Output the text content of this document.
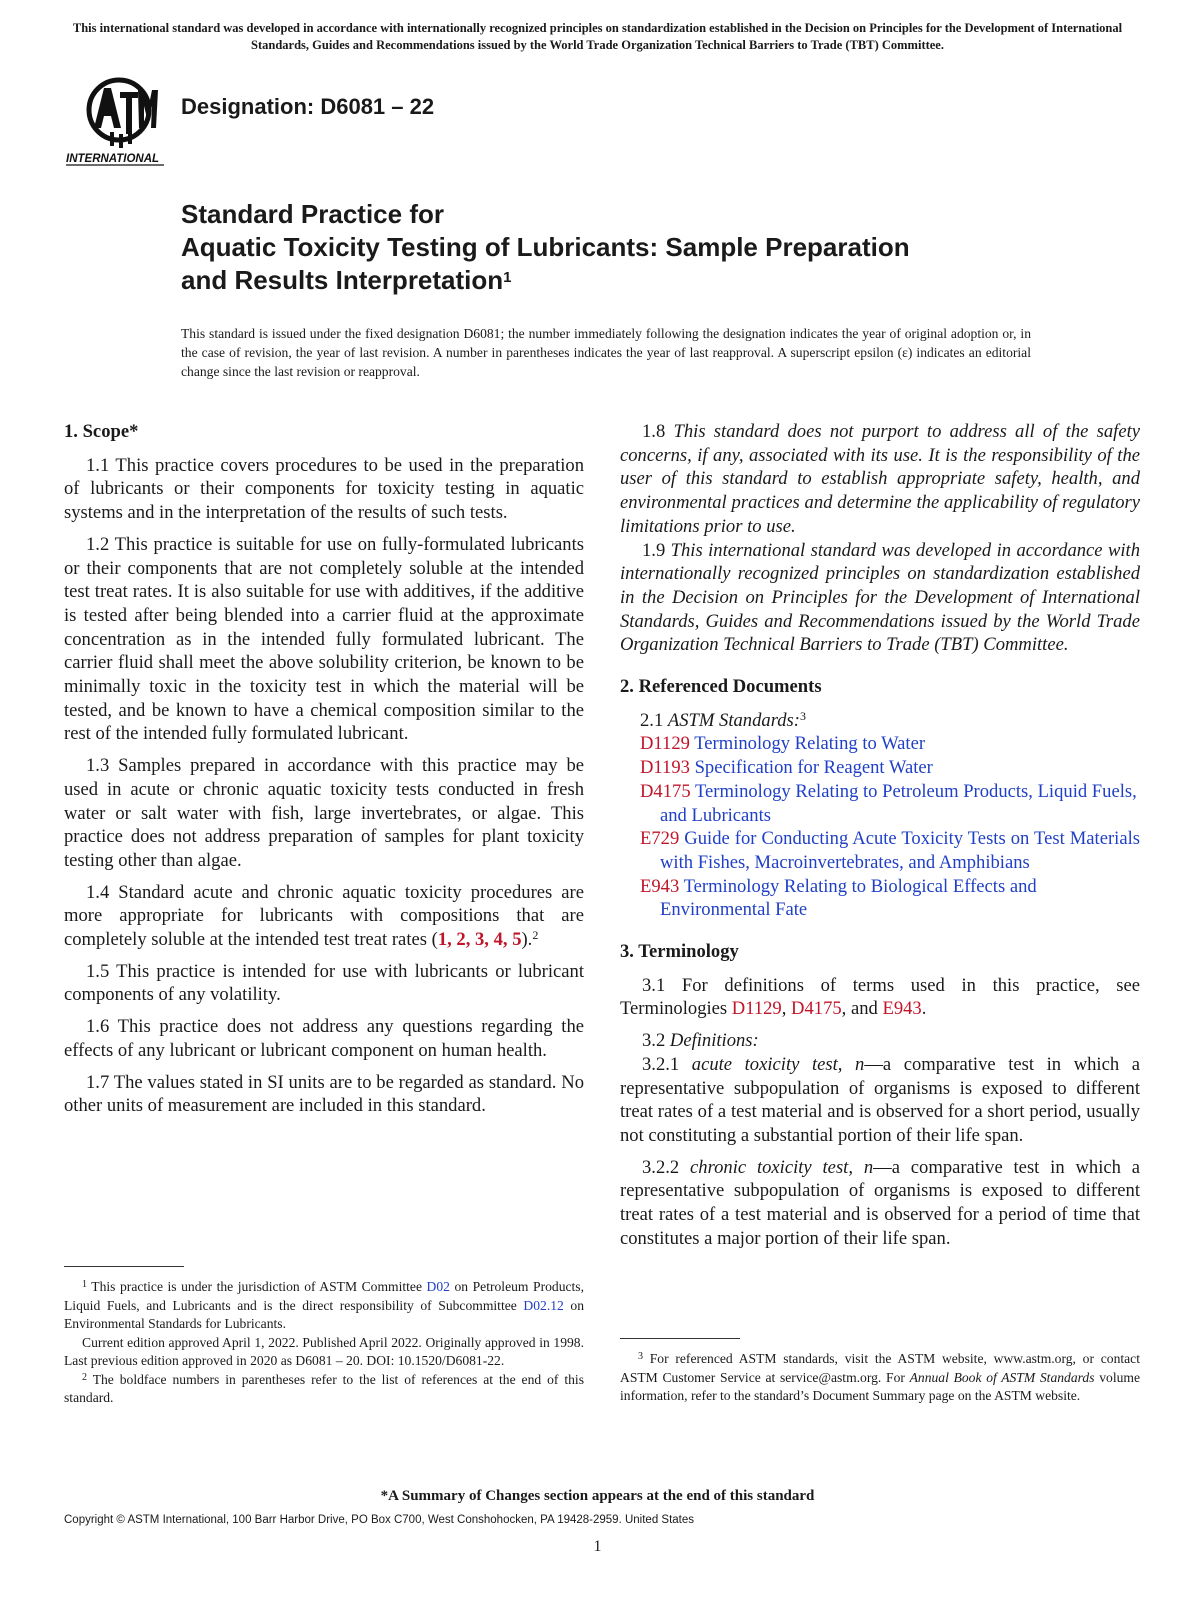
This international standard was developed in accordance with internationally recognized principles on standardization established in the Decision on Principles for the Development of International Standards, Guides and Recommendations issued by the World Trade Organization Technical Barriers to Trade (TBT) Committee.
INTERNATIONAL
Designation: D6081 – 22
Standard Practice for
Aquatic Toxicity Testing of Lubricants: Sample Preparation
and Results Interpretation$^1$
This standard is issued under the fixed designation D6081; the number immediately following the designation indicates the year of original adoption or, in the case of revision, the year of last revision. A number in parentheses indicates the year of last reapproval. A superscript epsilon (ε) indicates an editorial change since the last revision or reapproval.
1. Scope*

1.1 This practice covers procedures to be used in the preparation of lubricants or their components for toxicity testing in aquatic systems and in the interpretation of the results of such tests.

1.2 This practice is suitable for use on fully-formulated lubricants or their components that are not completely soluble at the intended test treat rates. It is also suitable for use with additives, if the additive is tested after being blended into a carrier fluid at the approximate concentration as in the intended fully formulated lubricant. The carrier fluid shall meet the above solubility criterion, be known to be minimally toxic in the toxicity test in which the material will be tested, and be known to have a chemical composition similar to the rest of the intended fully formulated lubricant.

1.3 Samples prepared in accordance with this practice may be used in acute or chronic aquatic toxicity tests conducted in fresh water or salt water with fish, large invertebrates, or algae. This practice does not address preparation of samples for plant toxicity testing other than algae.

1.4 Standard acute and chronic aquatic toxicity procedures are more appropriate for lubricants with compositions that are completely soluble at the intended test treat rates (1, 2, 3, 4, 5).$^2$

1.5 This practice is intended for use with lubricants or lubricant components of any volatility.

1.6 This practice does not address any questions regarding the effects of any lubricant or lubricant component on human health.

1.7 The values stated in SI units are to be regarded as standard. No other units of measurement are included in this standard.

1.8 This standard does not purport to address all of the safety concerns, if any, associated with its use. It is the responsibility of the user of this standard to establish appropriate safety, health, and environmental practices and determine the applicability of regulatory limitations prior to use.

1.9 This international standard was developed in accordance with internationally recognized principles on standardization established in the Decision on Principles for the Development of International Standards, Guides and Recommendations issued by the World Trade Organization Technical Barriers to Trade (TBT) Committee.

2. Referenced Documents

2.1 ASTM Standards:$^3$

D1129 Terminology Relating to Water

D1193 Specification for Reagent Water

D4175 Terminology Relating to Petroleum Products, Liquid Fuels, and Lubricants

E729 Guide for Conducting Acute Toxicity Tests on Test Materials with Fishes, Macroinvertebrates, and Amphibians

E943 Terminology Relating to Biological Effects and Environmental Fate

3. Terminology

3.1 For definitions of terms used in this practice, see Terminologies D1129, D4175, and E943.

3.2 Definitions:

3.2.1 acute toxicity test, n—a comparative test in which a representative subpopulation of organisms is exposed to different treat rates of a test material and is observed for a short period, usually not constituting a substantial portion of their life span.

3.2.2 chronic toxicity test, n—a comparative test in which a representative subpopulation of organisms is exposed to different treat rates of a test material and is observed for a period of time that constitutes a major portion of their life span.

$^1$ This practice is under the jurisdiction of ASTM Committee D02 on Petroleum Products, Liquid Fuels, and Lubricants and is the direct responsibility of Subcommittee D02.12 on Environmental Standards for Lubricants.

Current edition approved April 1, 2022. Published April 2022. Originally approved in 1998. Last previous edition approved in 2020 as D6081 – 20. DOI: 10.1520/D6081-22.

$^2$ The boldface numbers in parentheses refer to the list of references at the end of this standard.

$^3$ For referenced ASTM standards, visit the ASTM website, www.astm.org, or contact ASTM Customer Service at service@astm.org. For Annual Book of ASTM Standards volume information, refer to the standard’s Document Summary page on the ASTM website.

*A Summary of Changes section appears at the end of this standard
Copyright © ASTM International, 100 Barr Harbor Drive, PO Box C700, West Conshohocken, PA 19428-2959. United States
1
